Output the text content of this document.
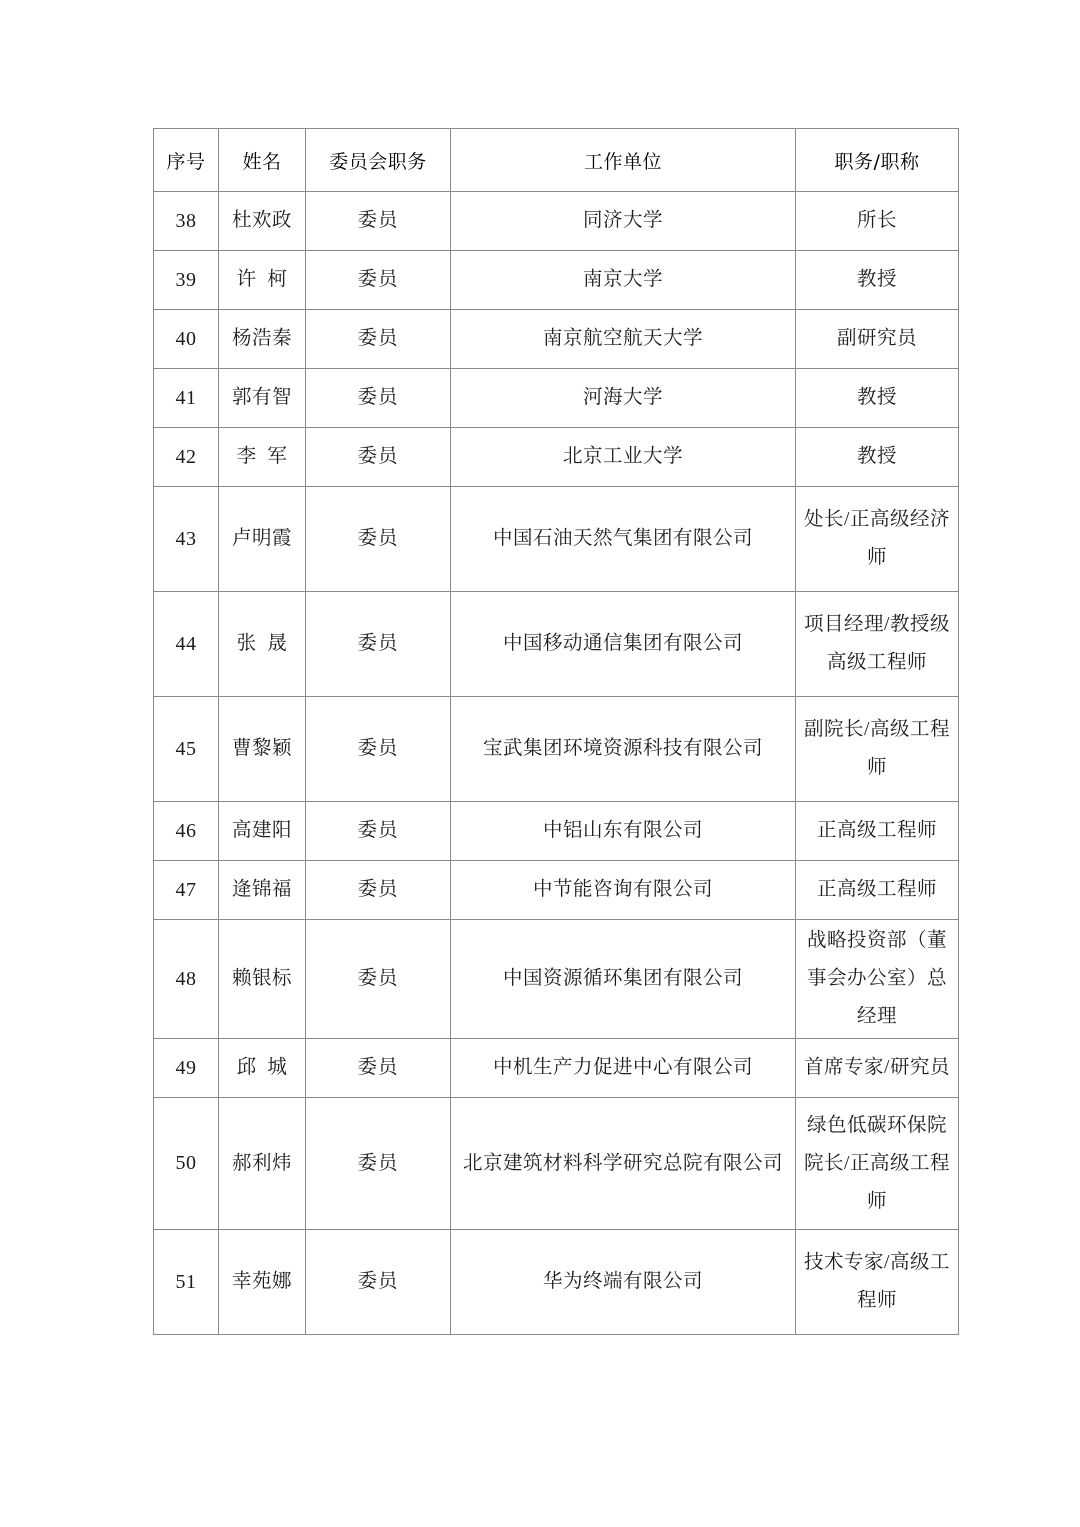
序号	姓名	委员会职务	工作单位	职务/职称
38	杜欢政	委员	同济大学	所长
39	许  柯	委员	南京大学	教授
40	杨浩秦	委员	南京航空航天大学	副研究员
41	郭有智	委员	河海大学	教授
42	李  军	委员	北京工业大学	教授
43	卢明霞	委员	中国石油天然气集团有限公司	处长/正高级经济师
44	张  晟	委员	中国移动通信集团有限公司	项目经理/教授级高级工程师
45	曹黎颖	委员	宝武集团环境资源科技有限公司	副院长/高级工程师
46	高建阳	委员	中铝山东有限公司	正高级工程师
47	逄锦福	委员	中节能咨询有限公司	正高级工程师
48	赖银标	委员	中国资源循环集团有限公司	战略投资部（董事会办公室）总经理
49	邱  城	委员	中机生产力促进中心有限公司	首席专家/研究员
50	郝利炜	委员	北京建筑材料科学研究总院有限公司	绿色低碳环保院院长/正高级工程师
51	幸苑娜	委员	华为终端有限公司	技术专家/高级工程师
